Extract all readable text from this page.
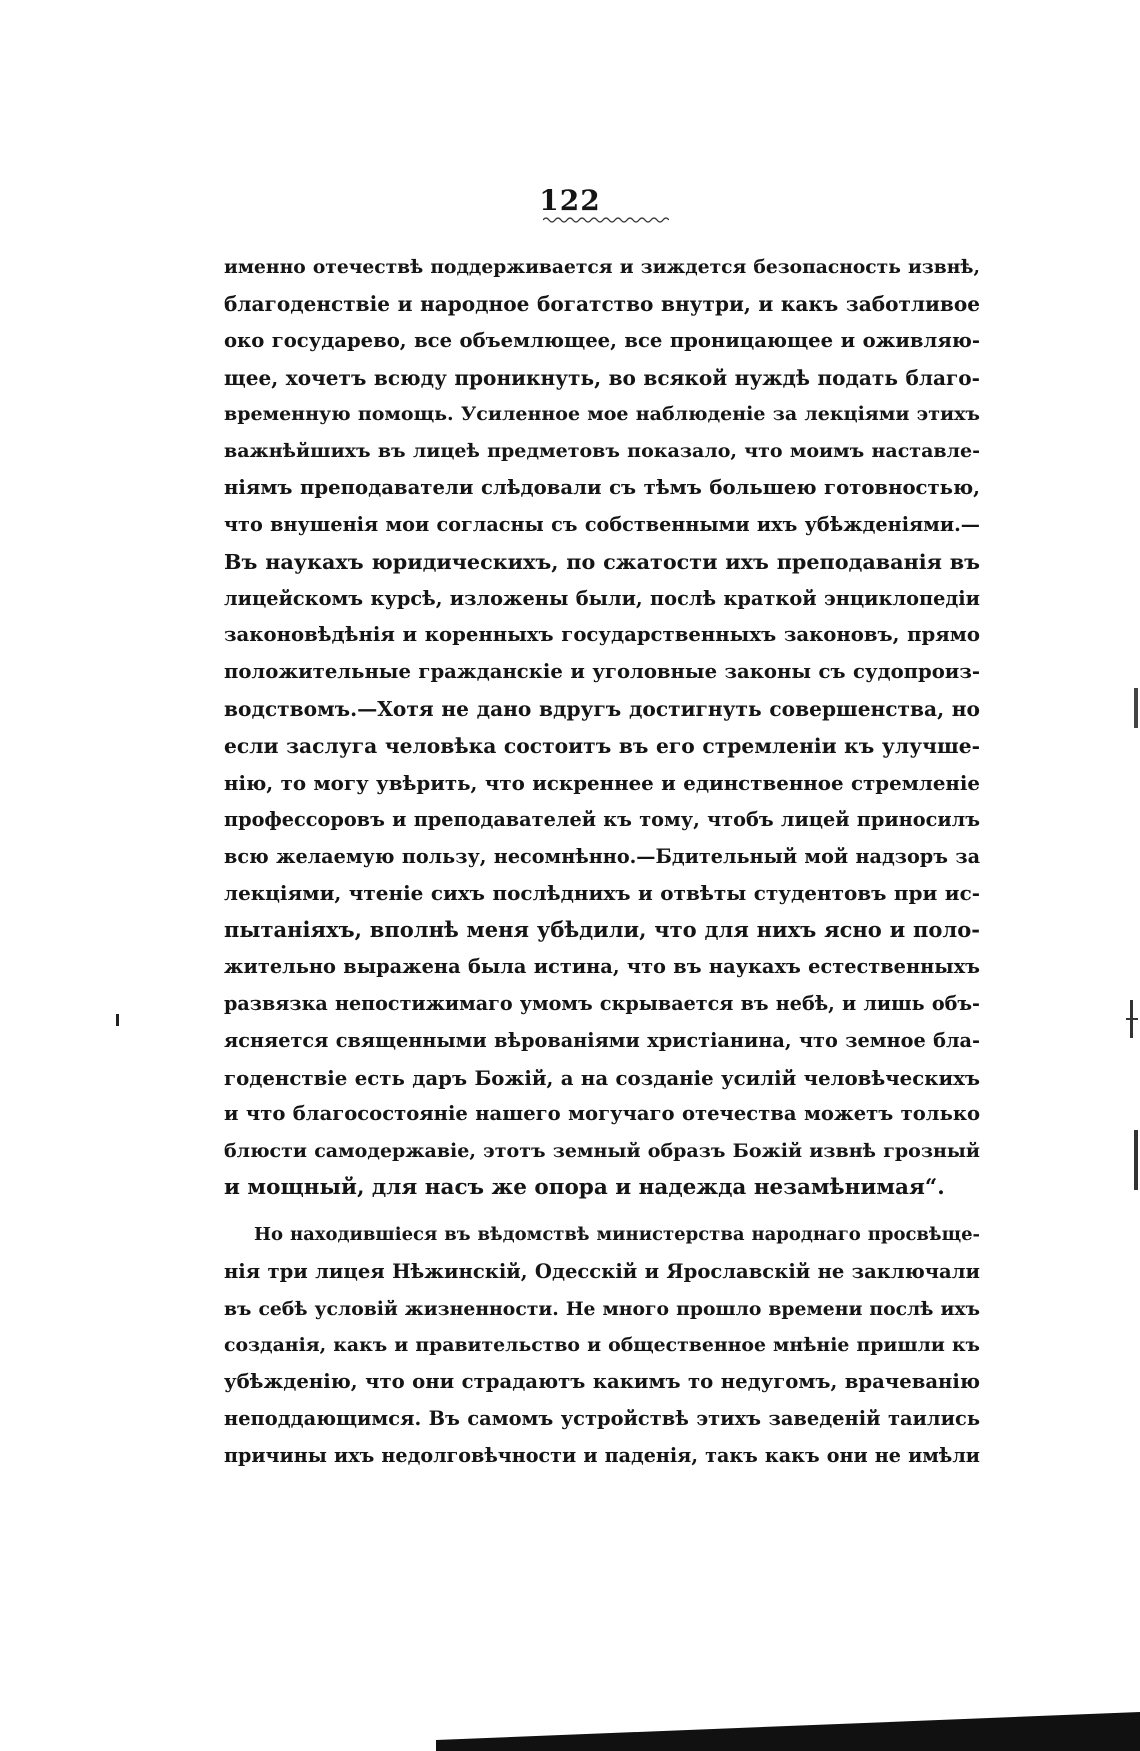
122
именно отечествѣ поддерживается и зиждется безопасность извнѣ,
благоденствіе и народное богатство внутри, и какъ заботливое
око государево, все объемлющее, все проницающее и оживляю-
щее, хочетъ всюду проникнуть, во всякой нуждѣ подать благо-
временную помощь. Усиленное мое наблюденіе за лекціями этихъ
важнѣйшихъ въ лицеѣ предметовъ показало, что моимъ наставле-
ніямъ преподаватели слѣдовали съ тѣмъ большею готовностью,
что внушенія мои согласны съ собственными ихъ убѣжденіями.—
Въ наукахъ юридическихъ, по сжатости ихъ преподаванія въ
лицейскомъ курсѣ, изложены были, послѣ краткой энциклопедіи
законовѣдѣнія и коренныхъ государственныхъ законовъ, прямо
положительные гражданскіе и уголовные законы съ судопроиз-
водствомъ.—Хотя не дано вдругъ достигнуть совершенства, но
если заслуга человѣка состоитъ въ его стремленіи къ улучше-
нію, то могу увѣрить, что искреннее и единственное стремленіе
профессоровъ и преподавателей къ тому, чтобъ лицей приносилъ
всю желаемую пользу, несомнѣнно.—Бдительный мой надзоръ за
лекціями, чтеніе сихъ послѣднихъ и отвѣты студентовъ при ис-
пытаніяхъ, вполнѣ меня убѣдили, что для нихъ ясно и поло-
жительно выражена была истина, что въ наукахъ естественныхъ
развязка непостижимаго умомъ скрывается въ небѣ, и лишь объ-
ясняется священными вѣрованіями христіанина, что земное бла-
годенствіе есть даръ Божій, а на созданіе усилій человѣческихъ
и что благосостояніе нашего могучаго отечества можетъ только
блюсти самодержавіе, этотъ земный образъ Божій извнѣ грозный
и мощный, для насъ же опора и надежда незамѣнимая“.
Но находившіеся въ вѣдомствѣ министерства народнаго просвѣще-
нія три лицея Нѣжинскій, Одесскій и Ярославскій не заключали
въ себѣ условій жизненности. Не много прошло времени послѣ ихъ
созданія, какъ и правительство и общественное мнѣніе пришли къ
убѣжденію, что они страдаютъ какимъ то недугомъ, врачеванію
неподдающимся. Въ самомъ устройствѣ этихъ заведеній таились
причины ихъ недолговѣчности и паденія, такъ какъ они не имѣли
